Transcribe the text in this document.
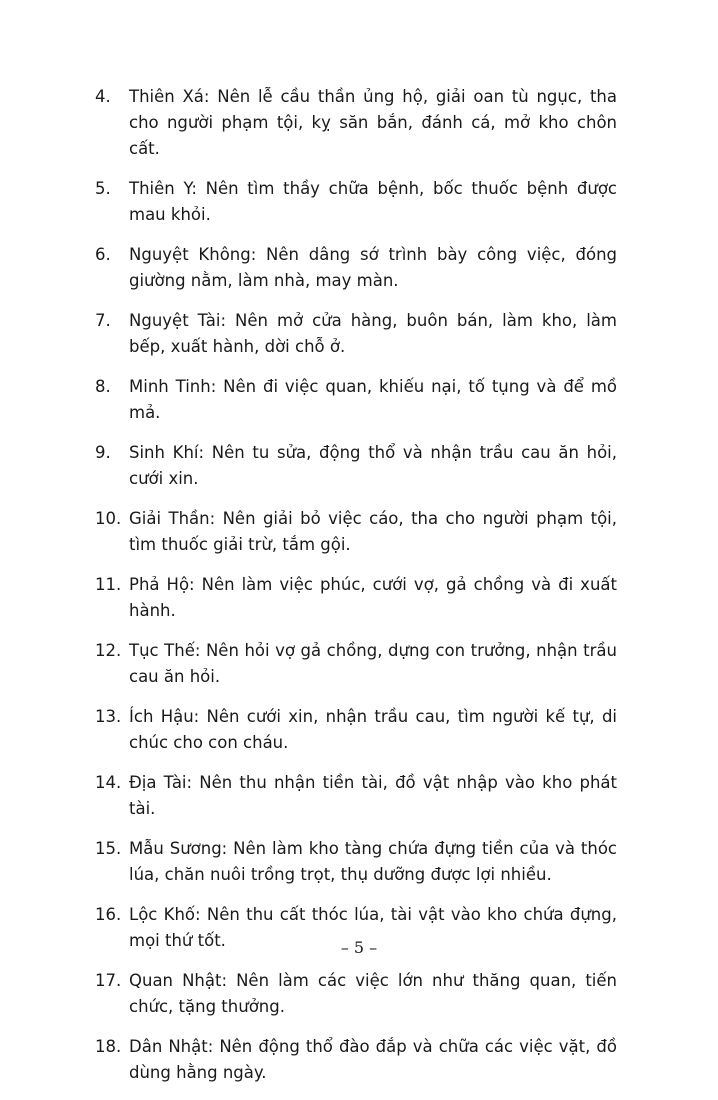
4.	Thiên Xá: Nên lễ cầu thần ủng hộ, giải oan tù ngục, tha cho người phạm tội, kỵ săn bắn, đánh cá, mở kho chôn cất.
5.	Thiên Y: Nên tìm thầy chữa bệnh, bốc thuốc bệnh được mau khỏi.
6.	Nguyệt Không: Nên dâng sớ trình bày công việc, đóng giường nằm, làm nhà, may màn.
7.	Nguyệt Tài: Nên mở cửa hàng, buôn bán, làm kho, làm bếp, xuất hành, dời chỗ ở.
8.	Minh Tinh: Nên đi việc quan, khiếu nại, tố tụng và để mồ mả.
9.	Sinh Khí: Nên tu sửa, động thổ và nhận trầu cau ăn hỏi, cưới xin.
10. Giải Thần: Nên giải bỏ việc cáo, tha cho người phạm tội, tìm thuốc giải trừ, tắm gội.
11. Phả Hộ: Nên làm việc phúc, cưới vợ, gả chồng và đi xuất hành.
12. Tục Thế: Nên hỏi vợ gả chồng, dựng con trưởng, nhận trầu cau ăn hỏi.
13. Ích Hậu: Nên cưới xin, nhận trầu cau, tìm người kế tự, di chúc cho con cháu.
14. Địa Tài: Nên thu nhận tiền tài, đồ vật nhập vào kho phát tài.
15. Mẫu Sương: Nên làm kho tàng chứa đựng tiền của và thóc lúa, chăn nuôi trồng trọt, thụ dưỡng được lợi nhiều.
16. Lộc Khố: Nên thu cất thóc lúa, tài vật vào kho chứa đựng, mọi thứ tốt.
17. Quan Nhật: Nên làm các việc lớn như thăng quan, tiến chức, tặng thưởng.
18. Dân Nhật: Nên động thổ đào đắp và chữa các việc vặt, đồ dùng hằng ngày.
– 5 –
